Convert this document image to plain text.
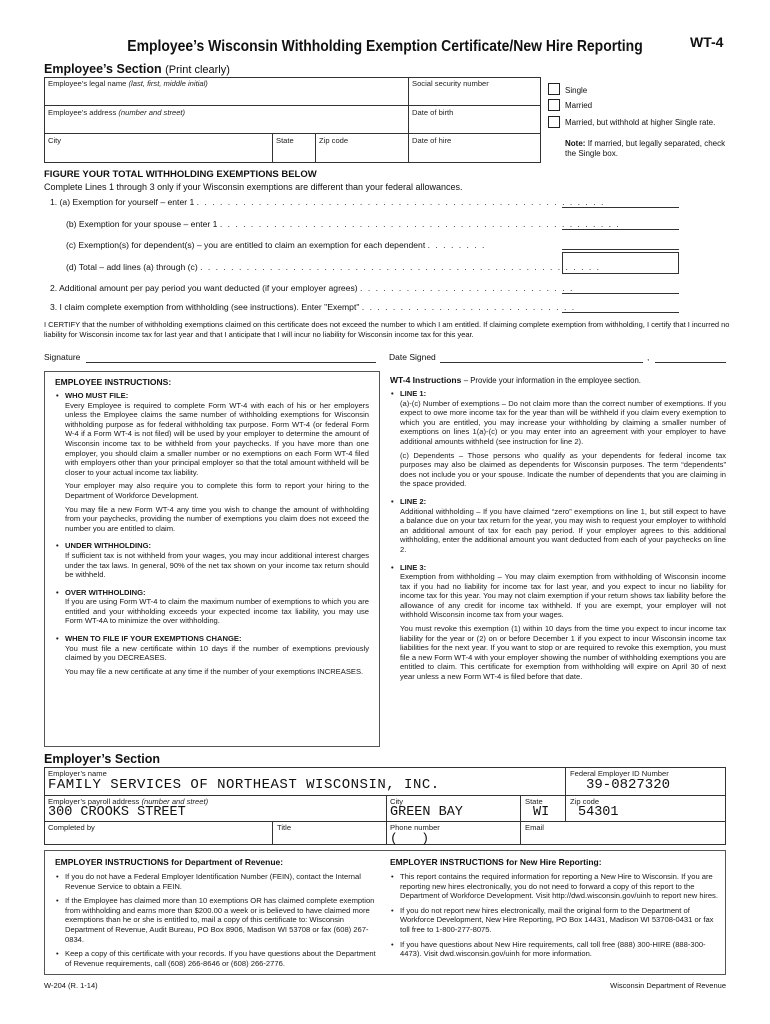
Employee’s Wisconsin Withholding Exemption Certificate/New Hire Reporting	WT-4
Employee’s Section (Print clearly)
Employee’s legal name (last, first, middle initial)	Social security number
Employee’s address (number and street)	Date of birth
City	State	Zip code	Date of hire
Single
Married
Married, but withhold at higher Single rate.
Note: If married, but legally separated, check the Single box.
FIGURE YOUR TOTAL WITHHOLDING EXEMPTIONS BELOW
Complete Lines 1 through 3 only if your Wisconsin exemptions are different than your federal allowances.
1. (a) Exemption for yourself – enter 1 . . . . . . . . . . . . . . . . . . . . . . . . . . . . . . . . . . . . . . . . . . . . . . . . . . . . .
(b) Exemption for your spouse – enter 1 . . . . . . . . . . . . . . . . . . . . . . . . . . . . . . . . . . . . . . . . . . . . . . . . . . . .
(c) Exemption(s) for dependent(s) – you are entitled to claim an exemption for each dependent . . . . . . . .
(d) Total – add lines (a) through (c) . . . . . . . . . . . . . . . . . . . . . . . . . . . . . . . . . . . . . . . . . . . . . . . . . . . .
2. Additional amount per pay period you want deducted (if your employer agrees) . . . . . . . . . . . . . . . . . . . . . . . . . . . .
3. I claim complete exemption from withholding (see instructions). Enter "Exempt" . . . . . . . . . . . . . . . . . . . . . . . . . . . .
I CERTIFY that the number of withholding exemptions claimed on this certificate does not exceed the number to which I am entitled. If claiming complete exemption from withholding, I certify that I incurred no liability for Wisconsin income tax for last year and that I anticipate that I will incur no liability for Wisconsin income tax for this year.
Signature	Date Signed	,
EMPLOYEE INSTRUCTIONS:
• WHO MUST FILE:
Every Employee is required to complete Form WT-4 with each of his or her employers unless the Employee claims the same number of withholding exemptions for Wisconsin withholding purpose as for federal withholding tax purpose. Form WT-4 (or federal Form W-4 if a Form WT-4 is not filed) will be used by your employer to determine the amount of Wisconsin income tax to be withheld from your paychecks. If you have more than one employer, you should claim a smaller number or no exemptions on each Form WT-4 filed with employers other than your principal employer so that the total amount withheld will be closer to your actual income tax liability.
Your employer may also require you to complete this form to report your hiring to the Department of Workforce Development.
You may file a new Form WT-4 any time you wish to change the amount of withholding from your paychecks, providing the number of exemptions you claim does not exceed the number you are entitled to claim.
• UNDER WITHHOLDING:
If sufficient tax is not withheld from your wages, you may incur additional interest charges under the tax laws. In general, 90% of the net tax shown on your income tax return should be withheld.
• OVER WITHHOLDING:
If you are using Form WT-4 to claim the maximum number of exemptions to which you are entitled and your withholding exceeds your expected income tax liability, you may use Form WT-4A to minimize the over withholding.
• WHEN TO FILE IF YOUR EXEMPTIONS CHANGE:
You must file a new certificate within 10 days if the number of exemptions previously claimed by you DECREASES.
You may file a new certificate at any time if the number of your exemptions INCREASES.
WT-4 Instructions – Provide your information in the employee section.
• LINE 1:
(a)-(c) Number of exemptions – Do not claim more than the correct number of exemptions. If you expect to owe more income tax for the year than will be withheld if you claim every exemption to which you are entitled, you may increase your withholding by claiming a smaller number of exemptions on lines 1(a)-(c) or you may enter into an agreement with your employer to have additional amounts withheld (see instruction for line 2).
(c) Dependents – Those persons who qualify as your dependents for federal income tax purposes may also be claimed as dependents for Wisconsin purposes. The term “dependents” does not include you or your spouse. Indicate the number of dependents that you are claiming in the space provided.
• LINE 2:
Additional withholding – If you have claimed “zero” exemptions on line 1, but still expect to have a balance due on your tax return for the year, you may wish to request your employer to withhold an additional amount of tax for each pay period. If your employer agrees to this additional withholding, enter the additional amount you want deducted from each of your paychecks on line 2.
• LINE 3:
Exemption from withholding – You may claim exemption from withholding of Wisconsin income tax if you had no liability for income tax for last year, and you expect to incur no liability for income tax for this year. You may not claim exemption if your return shows tax liability before the allowance of any credit for income tax withheld. If you are exempt, your employer will not withhold Wisconsin income tax from your wages.
You must revoke this exemption (1) within 10 days from the time you expect to incur income tax liability for the year or (2) on or before December 1 if you expect to incur Wisconsin income tax liabilities for the next year. If you want to stop or are required to revoke this exemption, you must file a new Form WT-4 with your employer showing the number of withholding exemptions you are entitled to claim. This certificate for exemption from withholding will expire on April 30 of next year unless a new Form WT-4 is filed before that date.
Employer’s Section
Employer’s name
FAMILY SERVICES OF NORTHEAST WISCONSIN, INC.
Federal Employer ID Number
39-0827320
Employer’s payroll address (number and street)
300 CROOKS STREET
City
GREEN BAY
State
WI
Zip code
54301
Completed by	Title	Phone number
(   )
Email
EMPLOYER INSTRUCTIONS for Department of Revenue:
• If you do not have a Federal Employer Identification Number (FEIN), contact the Internal Revenue Service to obtain a FEIN.
• If the Employee has claimed more than 10 exemptions OR has claimed complete exemption from withholding and earns more than $200.00 a week or is believed to have claimed more exemptions than he or she is entitled to, mail a copy of this certificate to: Wisconsin Department of Revenue, Audit Bureau, PO Box 8906, Madison WI 53708 or fax (608) 267-0834.
• Keep a copy of this certificate with your records. If you have questions about the Department of Revenue requirements, call (608) 266-8646 or (608) 266-2776.
EMPLOYER INSTRUCTIONS for New Hire Reporting:
• This report contains the required information for reporting a New Hire to Wisconsin. If you are reporting new hires electronically, you do not need to forward a copy of this report to the Department of Workforce Development. Visit http://dwd.wisconsin.gov/uinh to report new hires.
• If you do not report new hires electronically, mail the original form to the Department of Workforce Development, New Hire Reporting, PO Box 14431, Madison WI 53708-0431 or fax toll free to 1-800-277-8075.
• If you have questions about New Hire requirements, call toll free (888) 300-HIRE (888-300-4473). Visit dwd.wisconsin.gov/uinh for more information.
W-204 (R. 1-14)	Wisconsin Department of Revenue
